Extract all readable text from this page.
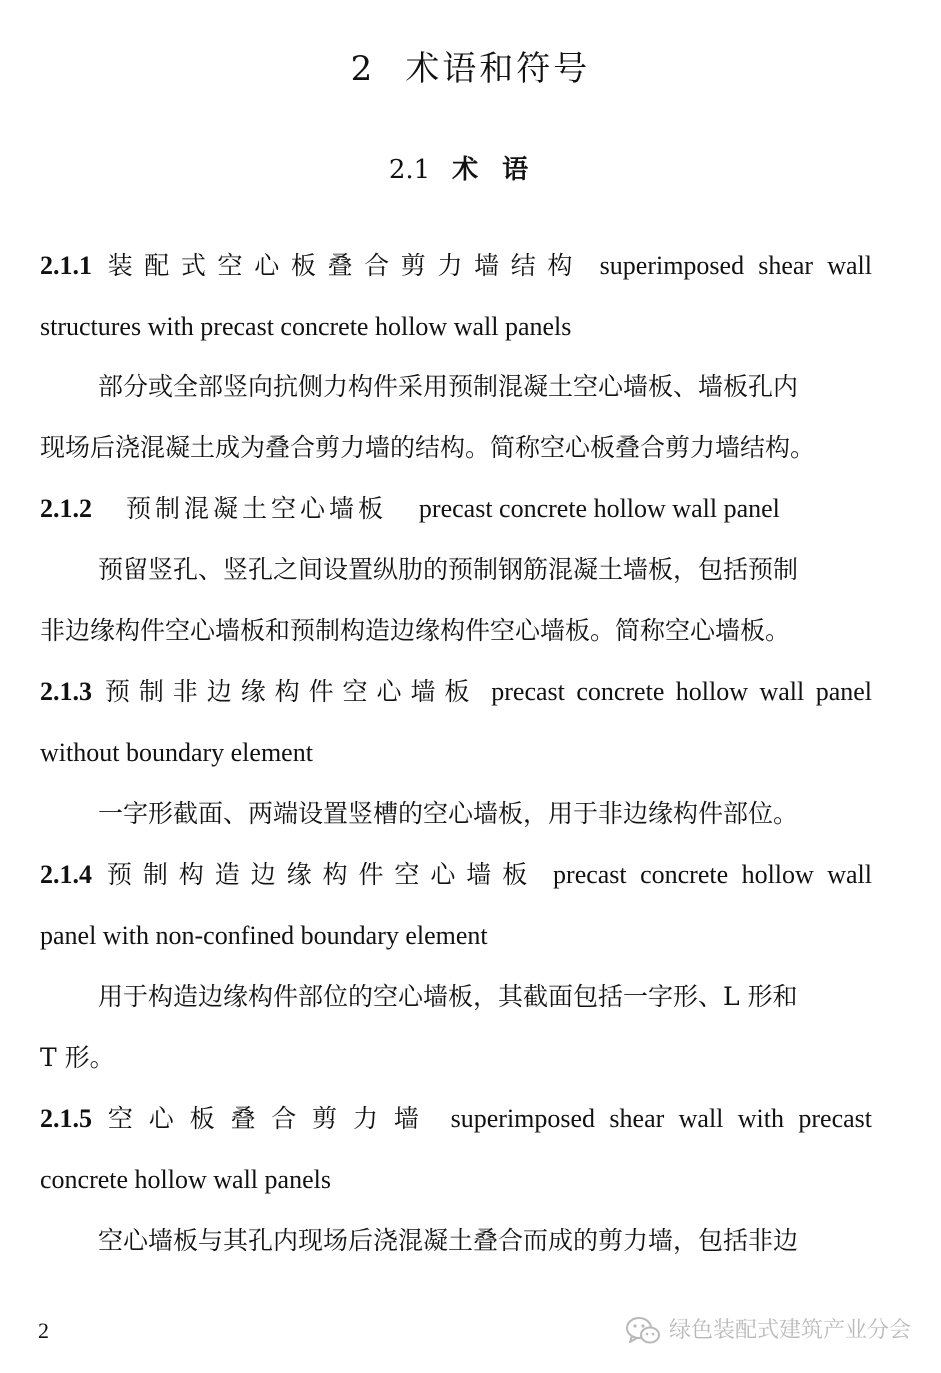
2 术语和符号
2.1 术语
2.1.1 装配式空心板叠合剪力墙结构 superimposed shear wall
structures with precast concrete hollow wall panels
部分或全部竖向抗侧力构件采用预制混凝土空心墙板、墙板孔内
现场后浇混凝土成为叠合剪力墙的结构。简称空心板叠合剪力墙结构。
2.1.2 预制混凝土空心墙板 precast concrete hollow wall panel
预留竖孔、竖孔之间设置纵肋的预制钢筋混凝土墙板，包括预制
非边缘构件空心墙板和预制构造边缘构件空心墙板。简称空心墙板。
2.1.3 预制非边缘构件空心墙板 precast concrete hollow wall panel
without boundary element
一字形截面、两端设置竖槽的空心墙板，用于非边缘构件部位。
2.1.4 预制构造边缘构件空心墙板 precast concrete hollow wall
panel with non-confined boundary element
用于构造边缘构件部位的空心墙板，其截面包括一字形、L 形和
T 形。
2.1.5 空心板叠合剪力墙 superimposed shear wall with precast
concrete hollow wall panels
空心墙板与其孔内现场后浇混凝土叠合而成的剪力墙，包括非边
2	绿色装配式建筑产业分会
